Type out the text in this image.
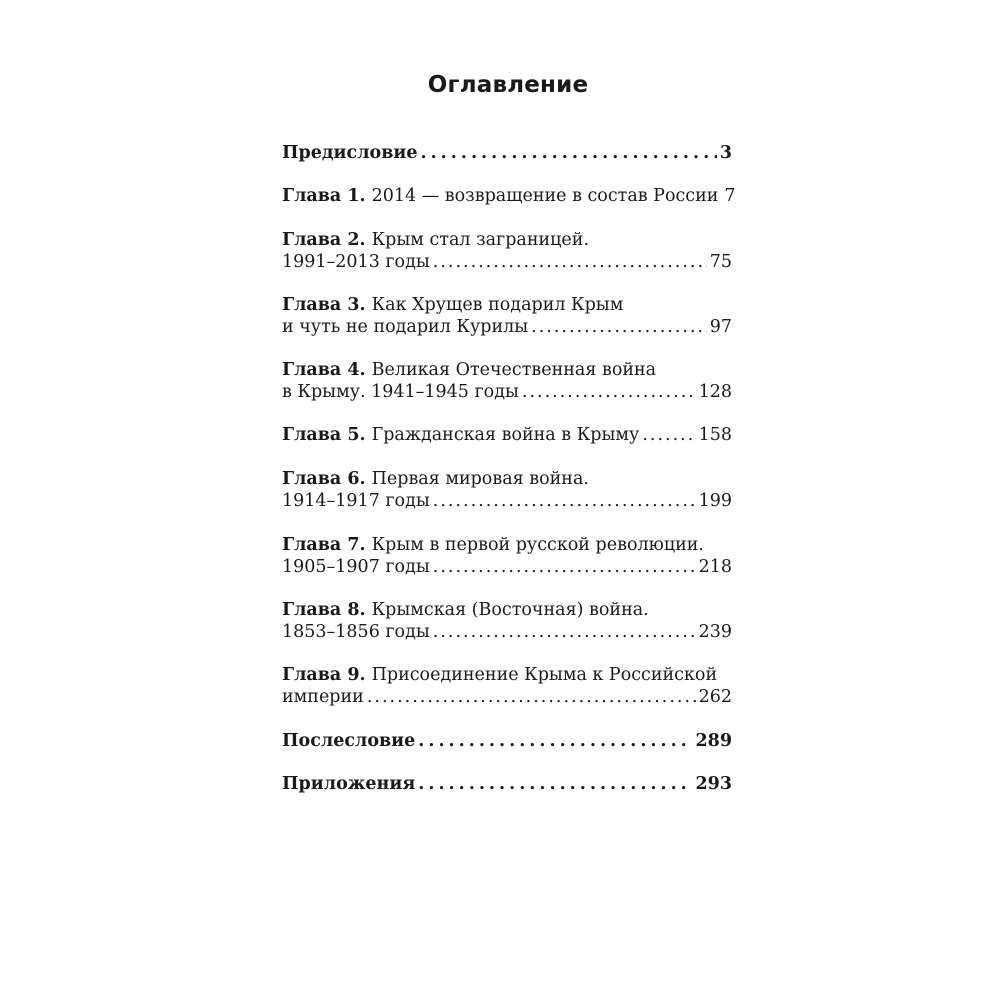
Оглавление
Предисловие .....	3
Глава 1. 2014 — возвращение в состав России 7
Глава 2. Крым стал заграницей.
1991–2013 годы .....	75
Глава 3. Как Хрущев подарил Крым
и чуть не подарил Курилы .....	97
Глава 4. Великая Отечественная война
в Крыму. 1941–1945 годы .....	128
Глава 5. Гражданская война в Крыму .....	158
Глава 6. Первая мировая война.
1914–1917 годы .....	199
Глава 7. Крым в первой русской революции.
1905–1907 годы .....	218
Глава 8. Крымская (Восточная) война.
1853–1856 годы .....	239
Глава 9. Присоединение Крыма к Российской
империи .....	262
Послесловие .....	289
Приложения .....	293
